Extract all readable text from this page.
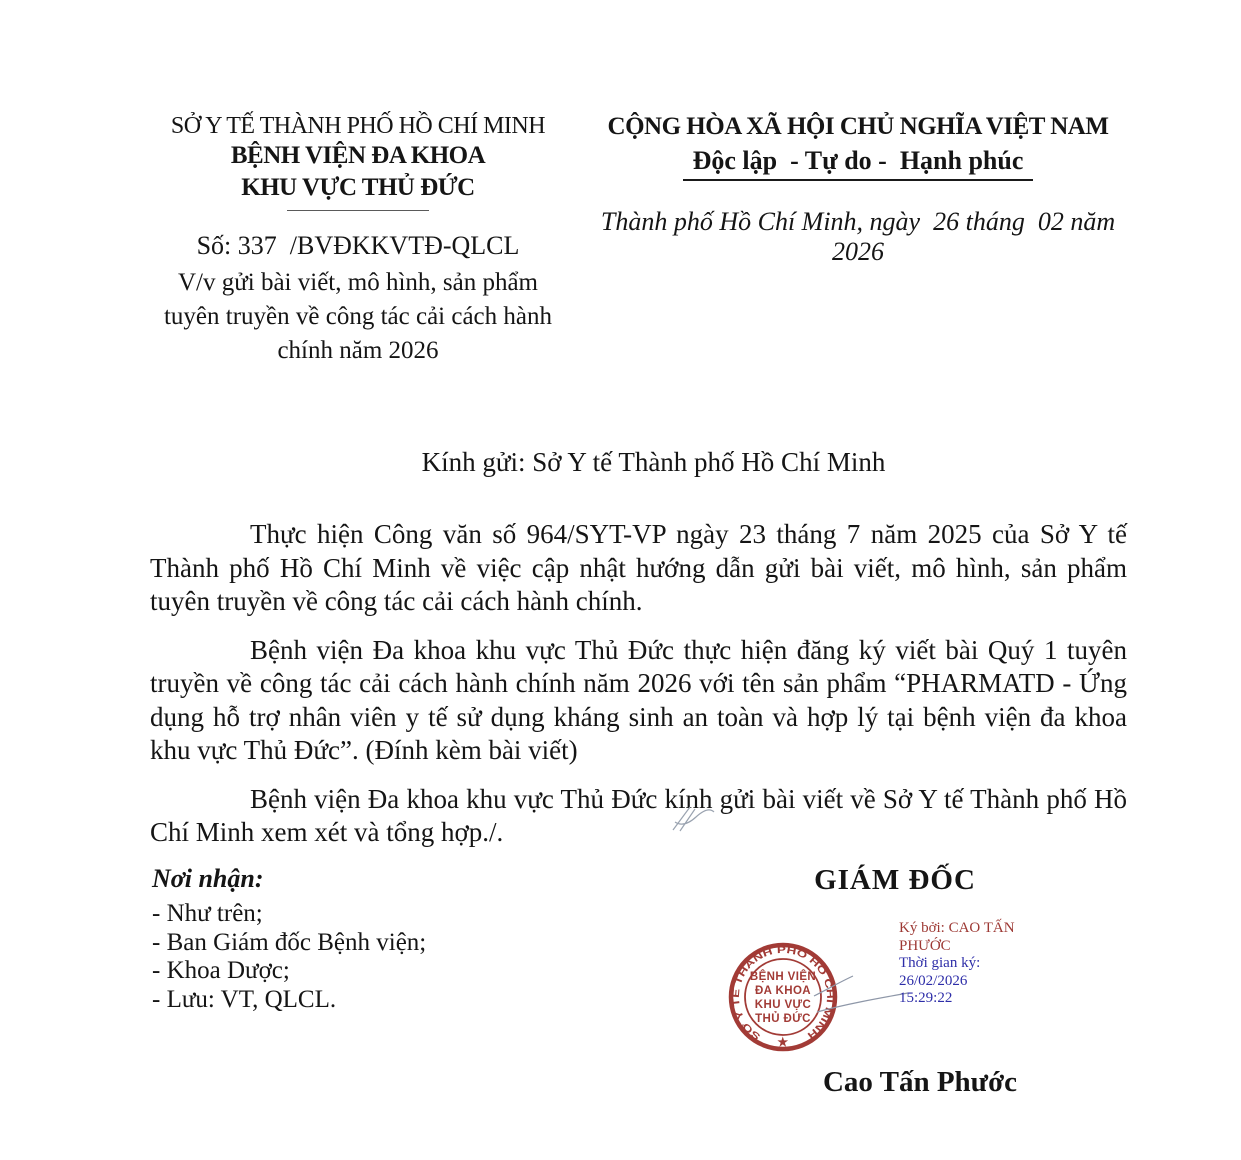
SỞ Y TẾ THÀNH PHỐ HỒ CHÍ MINH
BỆNH VIỆN ĐA KHOA
KHU VỰC THỦ ĐỨC
Số: 337  /BVĐKKVTĐ-QLCL
V/v gửi bài viết, mô hình, sản phẩm tuyên truyền về công tác cải cách hành chính năm 2026
CỘNG HÒA XÃ HỘI CHỦ NGHĨA VIỆT NAM
Độc lập  - Tự do -  Hạnh phúc
Thành phố Hồ Chí Minh, ngày  26 tháng  02 năm 2026
Kính gửi: Sở Y tế Thành phố Hồ Chí Minh

Thực hiện Công văn số 964/SYT-VP ngày 23 tháng 7 năm 2025 của Sở Y tế Thành phố Hồ Chí Minh về việc cập nhật hướng dẫn gửi bài viết, mô hình, sản phẩm tuyên truyền về công tác cải cách hành chính.

Bệnh viện Đa khoa khu vực Thủ Đức thực hiện đăng ký viết bài Quý 1 tuyên truyền về công tác cải cách hành chính năm 2026 với tên sản phẩm “PHARMATD - Ứng dụng hỗ trợ nhân viên y tế sử dụng kháng sinh an toàn và hợp lý tại bệnh viện đa khoa khu vực Thủ Đức”. (Đính kèm bài viết)

Bệnh viện Đa khoa khu vực Thủ Đức kính gửi bài viết về Sở Y tế Thành phố Hồ Chí Minh xem xét và tổng hợp./.

Nơi nhận:
- Như trên;
- Ban Giám đốc Bệnh viện;
- Khoa Dược;
- Lưu: VT, QLCL.
GIÁM ĐỐC
SỞ Y TẾ THÀNH PHỐ HỒ CHÍ MINH
BỆNH VIỆN
ĐA KHOA
KHU VỰC
THỦ ĐỨC
★
Ký bởi: CAO TẤN
PHƯỚC
Thời gian ký: 26/02/2026
15:29:22
Cao Tấn Phước
